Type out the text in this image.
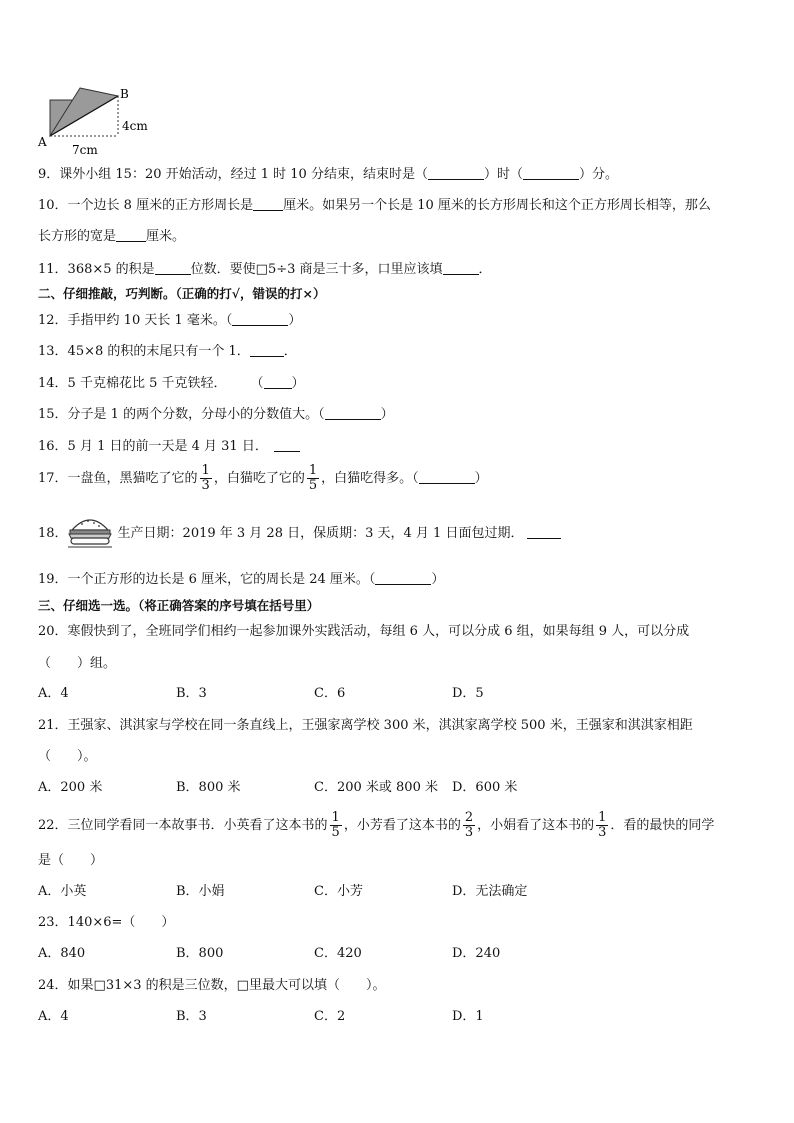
A
B
4cm
7cm
9．课外小组 15：20 开始活动，经过 1 时 10 分结束，结束时是（	）时（	）分。
10．一个边长 8 厘米的正方形周长是 厘米。如果另一个长是 10 厘米的长方形周长和这个正方形周长相等，那么
长方形的宽是 厘米。
11．368×5 的积是	位数．要使□5÷3 商是三十多，口里应该填	．
二、仔细推敲，巧判断。（正确的打√，错误的打×）
12．手指甲约 10 天长 1 毫米。（	）
13．45×8 的积的末尾只有一个 1．	．
14．5 千克棉花比 5 千克铁轻． （ ）
15．分子是 1 的两个分数，分母小的分数值大。（	）
16．5 月 1 日的前一天是 4 月 31 日．
17．一盘鱼，黑猫吃了它的 $\frac{1}{3}$ ，白猫吃了它的 $\frac{1}{5}$ ，白猫吃得多。（	）
18．	生产日期：2019 年 3 月 28 日，保质期：3 天，4 月 1 日面包过期．
19．一个正方形的边长是 6 厘米，它的周长是 24 厘米。（	）
三、仔细选一选。（将正确答案的序号填在括号里）
20．寒假快到了，全班同学们相约一起参加课外实践活动，每组 6 人，可以分成 6 组，如果每组 9 人，可以分成
（　　）组。
A．4	B．3	C．6	D．5
21．王强家、淇淇家与学校在同一条直线上，王强家离学校 300 米，淇淇家离学校 500 米，王强家和淇淇家相距
（　　）。
A．200 米	B．800 米	C．200 米或 800 米 D．600 米
22．三位同学看同一本故事书．小英看了这本书的 $\frac{1}{5}$ ，小芳看了这本书的 $\frac{2}{3}$ ，小娟看了这本书的 $\frac{1}{3}$ ．看的最快的同学
是（　　）
A．小英	B．小娟	C．小芳	D．无法确定
23．140×6=（　　）
A．840	B．800	C．420	D．240
24．如果□31×3 的积是三位数，□里最大可以填（　　）。
A．4	B．3	C．2	D．1
